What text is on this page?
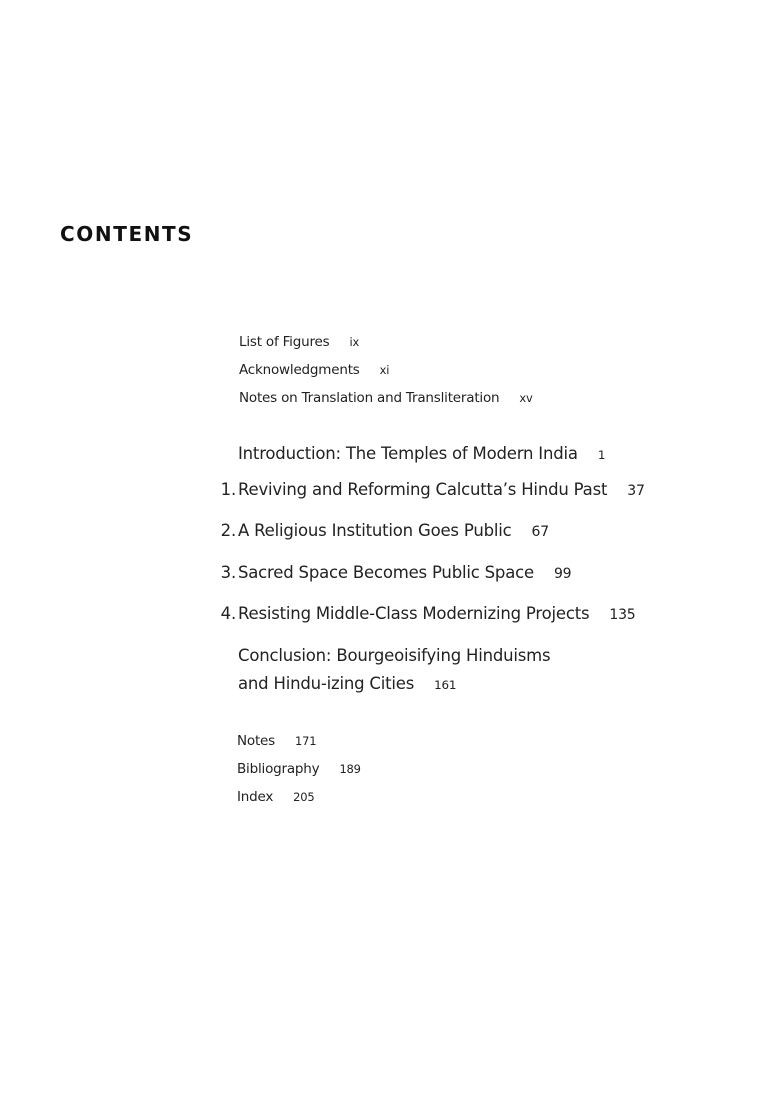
CONTENTS
List of Figures ix
Acknowledgments xi
Notes on Translation and Transliteration xv
Introduction: The Temples of Modern India 1
1. Reviving and Reforming Calcutta’s Hindu Past 37
2. A Religious Institution Goes Public 67
3. Sacred Space Becomes Public Space 99
4. Resisting Middle-Class Modernizing Projects 135
Conclusion: Bourgeoisifying Hinduisms
and Hindu-izing Cities 161
Notes 171
Bibliography 189
Index 205
